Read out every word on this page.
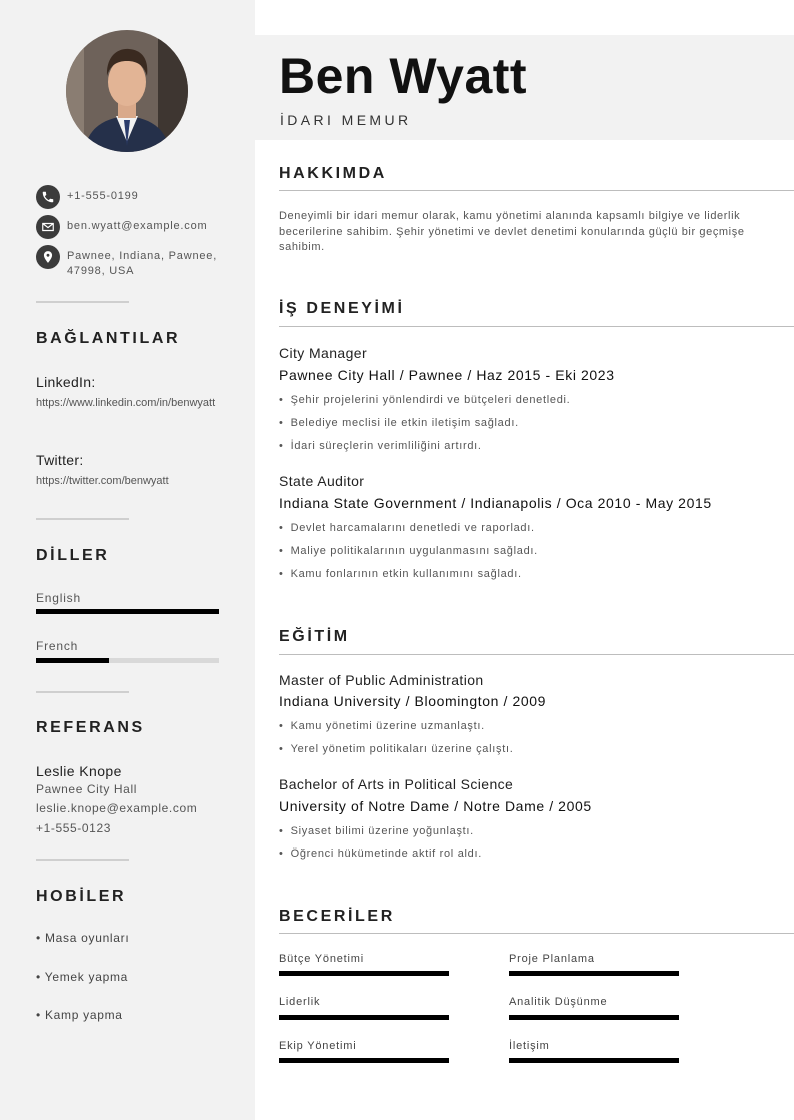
+1-555-0199
ben.wyatt@example.com
Pawnee, Indiana, Pawnee, 47998, USA
BAĞLANTILAR
LinkedIn:
https://www.linkedin.com/in/benwyatt
Twitter:
https://twitter.com/benwyatt
DİLLER
English
French
REFERANS
Leslie Knope
Pawnee City Hall
leslie.knope@example.com
+1-555-0123
HOBİLER
• Masa oyunları
• Yemek yapma
• Kamp yapma
Ben Wyatt
İDARI MEMUR
HAKKIMDA
Deneyimli bir idari memur olarak, kamu yönetimi alanında kapsamlı bilgiye ve liderlik becerilerine sahibim. Şehir yönetimi ve devlet denetimi konularında güçlü bir geçmişe sahibim.
İŞ DENEYİMİ
City Manager
Pawnee City Hall / Pawnee / Haz 2015 - Eki 2023
• Şehir projelerini yönlendirdi ve bütçeleri denetledi.
• Belediye meclisi ile etkin iletişim sağladı.
• İdari süreçlerin verimliliğini artırdı.
State Auditor
Indiana State Government / Indianapolis / Oca 2010 - May 2015
• Devlet harcamalarını denetledi ve raporladı.
• Maliye politikalarının uygulanmasını sağladı.
• Kamu fonlarının etkin kullanımını sağladı.
EĞİTİM
Master of Public Administration
Indiana University / Bloomington / 2009
• Kamu yönetimi üzerine uzmanlaştı.
• Yerel yönetim politikaları üzerine çalıştı.
Bachelor of Arts in Political Science
University of Notre Dame / Notre Dame / 2005
• Siyaset bilimi üzerine yoğunlaştı.
• Öğrenci hükümetinde aktif rol aldı.
BECERİLER
Bütçe Yönetimi	Proje Planlama
Liderlik	Analitik Düşünme
Ekip Yönetimi	İletişim
